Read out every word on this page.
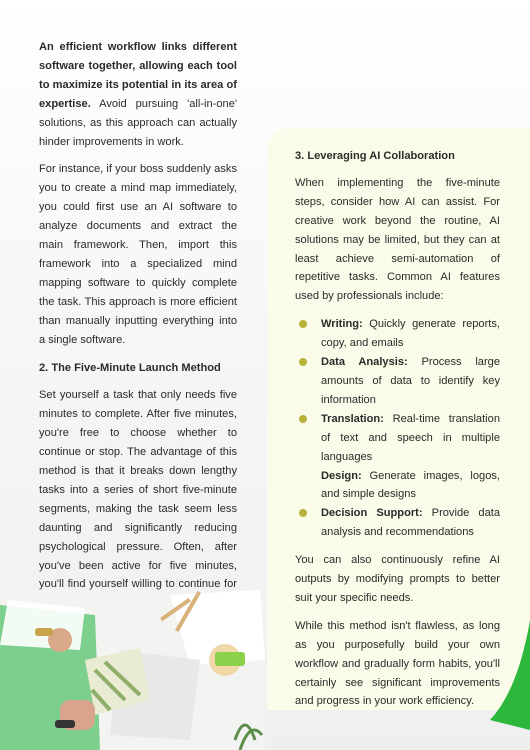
An efficient workflow links different software together, allowing each tool to maximize its potential in its area of expertise. Avoid pursuing 'all-in-one' solutions, as this approach can actually hinder improvements in work.

For instance, if your boss suddenly asks you to create a mind map immediately, you could first use an AI software to analyze documents and extract the main framework. Then, import this framework into a specialized mind mapping software to quickly complete the task. This approach is more efficient than manually inputting everything into a single software.

2. The Five-Minute Launch Method

Set yourself a task that only needs five minutes to complete. After five minutes, you're free to choose whether to continue or stop. The advantage of this method is that it breaks down lengthy tasks into a series of short five-minute segments, making the task seem less daunting and significantly reducing psychological pressure. Often, after you've been active for five minutes, you'll find yourself willing to continue for

3. Leveraging AI Collaboration

When implementing the five-minute steps, consider how AI can assist. For creative work beyond the routine, AI solutions may be limited, but they can at least achieve semi-automation of repetitive tasks. Common AI features used by professionals include:

Writing: Quickly generate reports, copy, and emails
Data Analysis: Process large amounts of data to identify key information
Translation: Real-time translation of text and speech in multiple languages
Design: Generate images, logos, and simple designs
Decision Support: Provide data analysis and recommendations

You can also continuously refine AI outputs by modifying prompts to better suit your specific needs.

While this method isn't flawless, as long as you purposefully build your own workflow and gradually form habits, you'll certainly see significant improvements and progress in your work efficiency.
